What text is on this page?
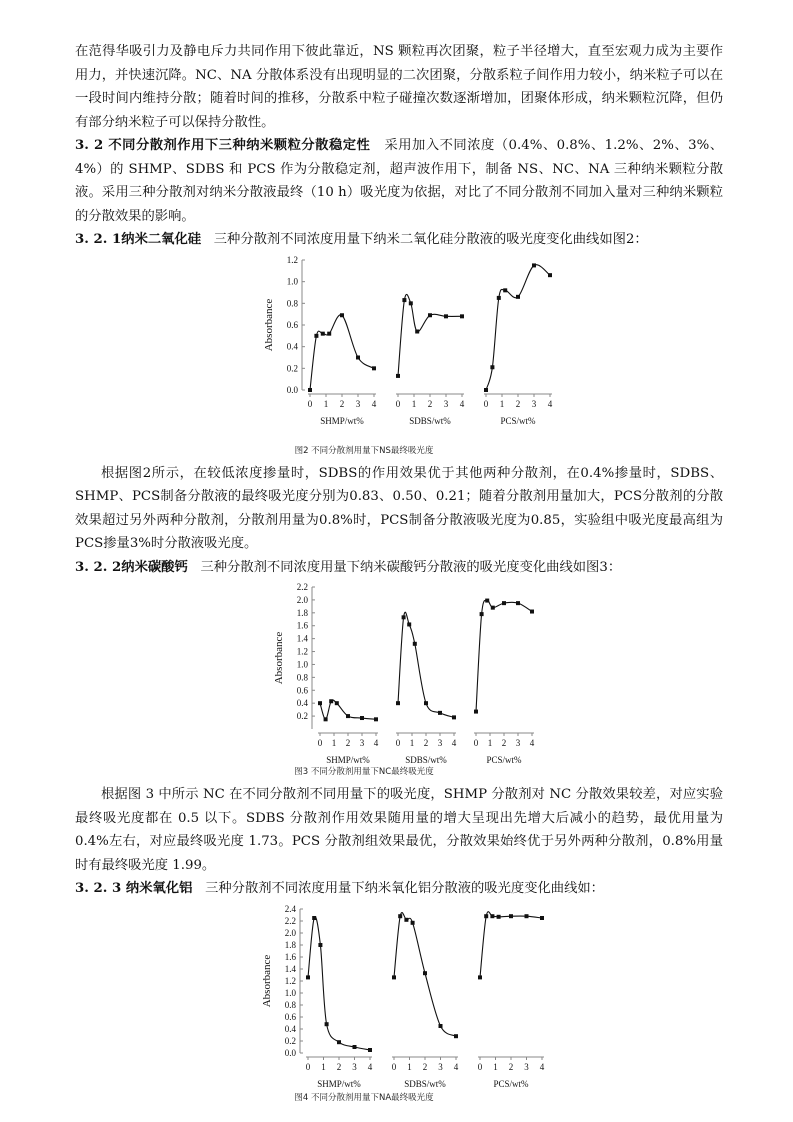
在范得华吸引力及静电斥力共同作用下彼此靠近，NS 颗粒再次团聚，粒子半径增大，直至宏观力成为主要作用力，并快速沉降。NC、NA 分散体系没有出现明显的二次团聚，分散系粒子间作用力较小，纳米粒子可以在一段时间内维持分散；随着时间的推移，分散系中粒子碰撞次数逐渐增加，团聚体形成，纳米颗粒沉降，但仍有部分纳米粒子可以保持分散性。

3. 2 不同分散剂作用下三种纳米颗粒分散稳定性 采用加入不同浓度（0.4%、0.8%、1.2%、2%、3%、4%）的 SHMP、SDBS 和 PCS 作为分散稳定剂，超声波作用下，制备 NS、NC、NA 三种纳米颗粒分散液。采用三种分散剂对纳米分散液最终（10 h）吸光度为依据，对比了不同分散剂不同加入量对三种纳米颗粒的分散效果的影响。

3. 2. 1纳米二氧化硅 三种分散剂不同浓度用量下纳米二氧化硅分散液的吸光度变化曲线如图2：

Absorbance
0.0
0.2
0.4
0.6
0.8
1.0
1.2
0 1 2 3 4
SHMP/wt%
0 1 2 3 4
SDBS/wt%
0 1 2 3 4
PCS/wt%
图2 不同分散剂用量下NS最终吸光度

根据图2所示，在较低浓度掺量时，SDBS的作用效果优于其他两种分散剂，在0.4%掺量时，SDBS、SHMP、PCS制备分散液的最终吸光度分别为0.83、0.50、0.21；随着分散剂用量加大，PCS分散剂的分散效果超过另外两种分散剂，分散剂用量为0.8%时，PCS制备分散液吸光度为0.85，实验组中吸光度最高组为PCS掺量3%时分散液吸光度。

3. 2. 2纳米碳酸钙 三种分散剂不同浓度用量下纳米碳酸钙分散液的吸光度变化曲线如图3：

Absorbance
0.2
0.4
0.6
0.8
1.0
1.2
1.4
1.6
1.8
2.0
2.2
0 1 2 3 4
SHMP/wt%
0 1 2 3 4
SDBS/wt%
0 1 2 3 4
PCS/wt%
图3 不同分散剂用量下NC最终吸光度

根据图 3 中所示 NC 在不同分散剂不同用量下的吸光度，SHMP 分散剂对 NC 分散效果较差，对应实验最终吸光度都在 0.5 以下。SDBS 分散剂作用效果随用量的增大呈现出先增大后减小的趋势，最优用量为 0.4%左右，对应最终吸光度 1.73。PCS 分散剂组效果最优，分散效果始终优于另外两种分散剂，0.8%用量时有最终吸光度 1.99。

3. 2. 3 纳米氧化铝 三种分散剂不同浓度用量下纳米氧化铝分散液的吸光度变化曲线如：

Absorbance
0.0
0.2
0.4
0.6
0.8
1.0
1.2
1.4
1.6
1.8
2.0
2.2
2.4
0 1 2 3 4
SHMP/wt%
0 1 2 3 4
SDBS/wt%
0 1 2 3 4
PCS/wt%
图4 不同分散剂用量下NA最终吸光度
